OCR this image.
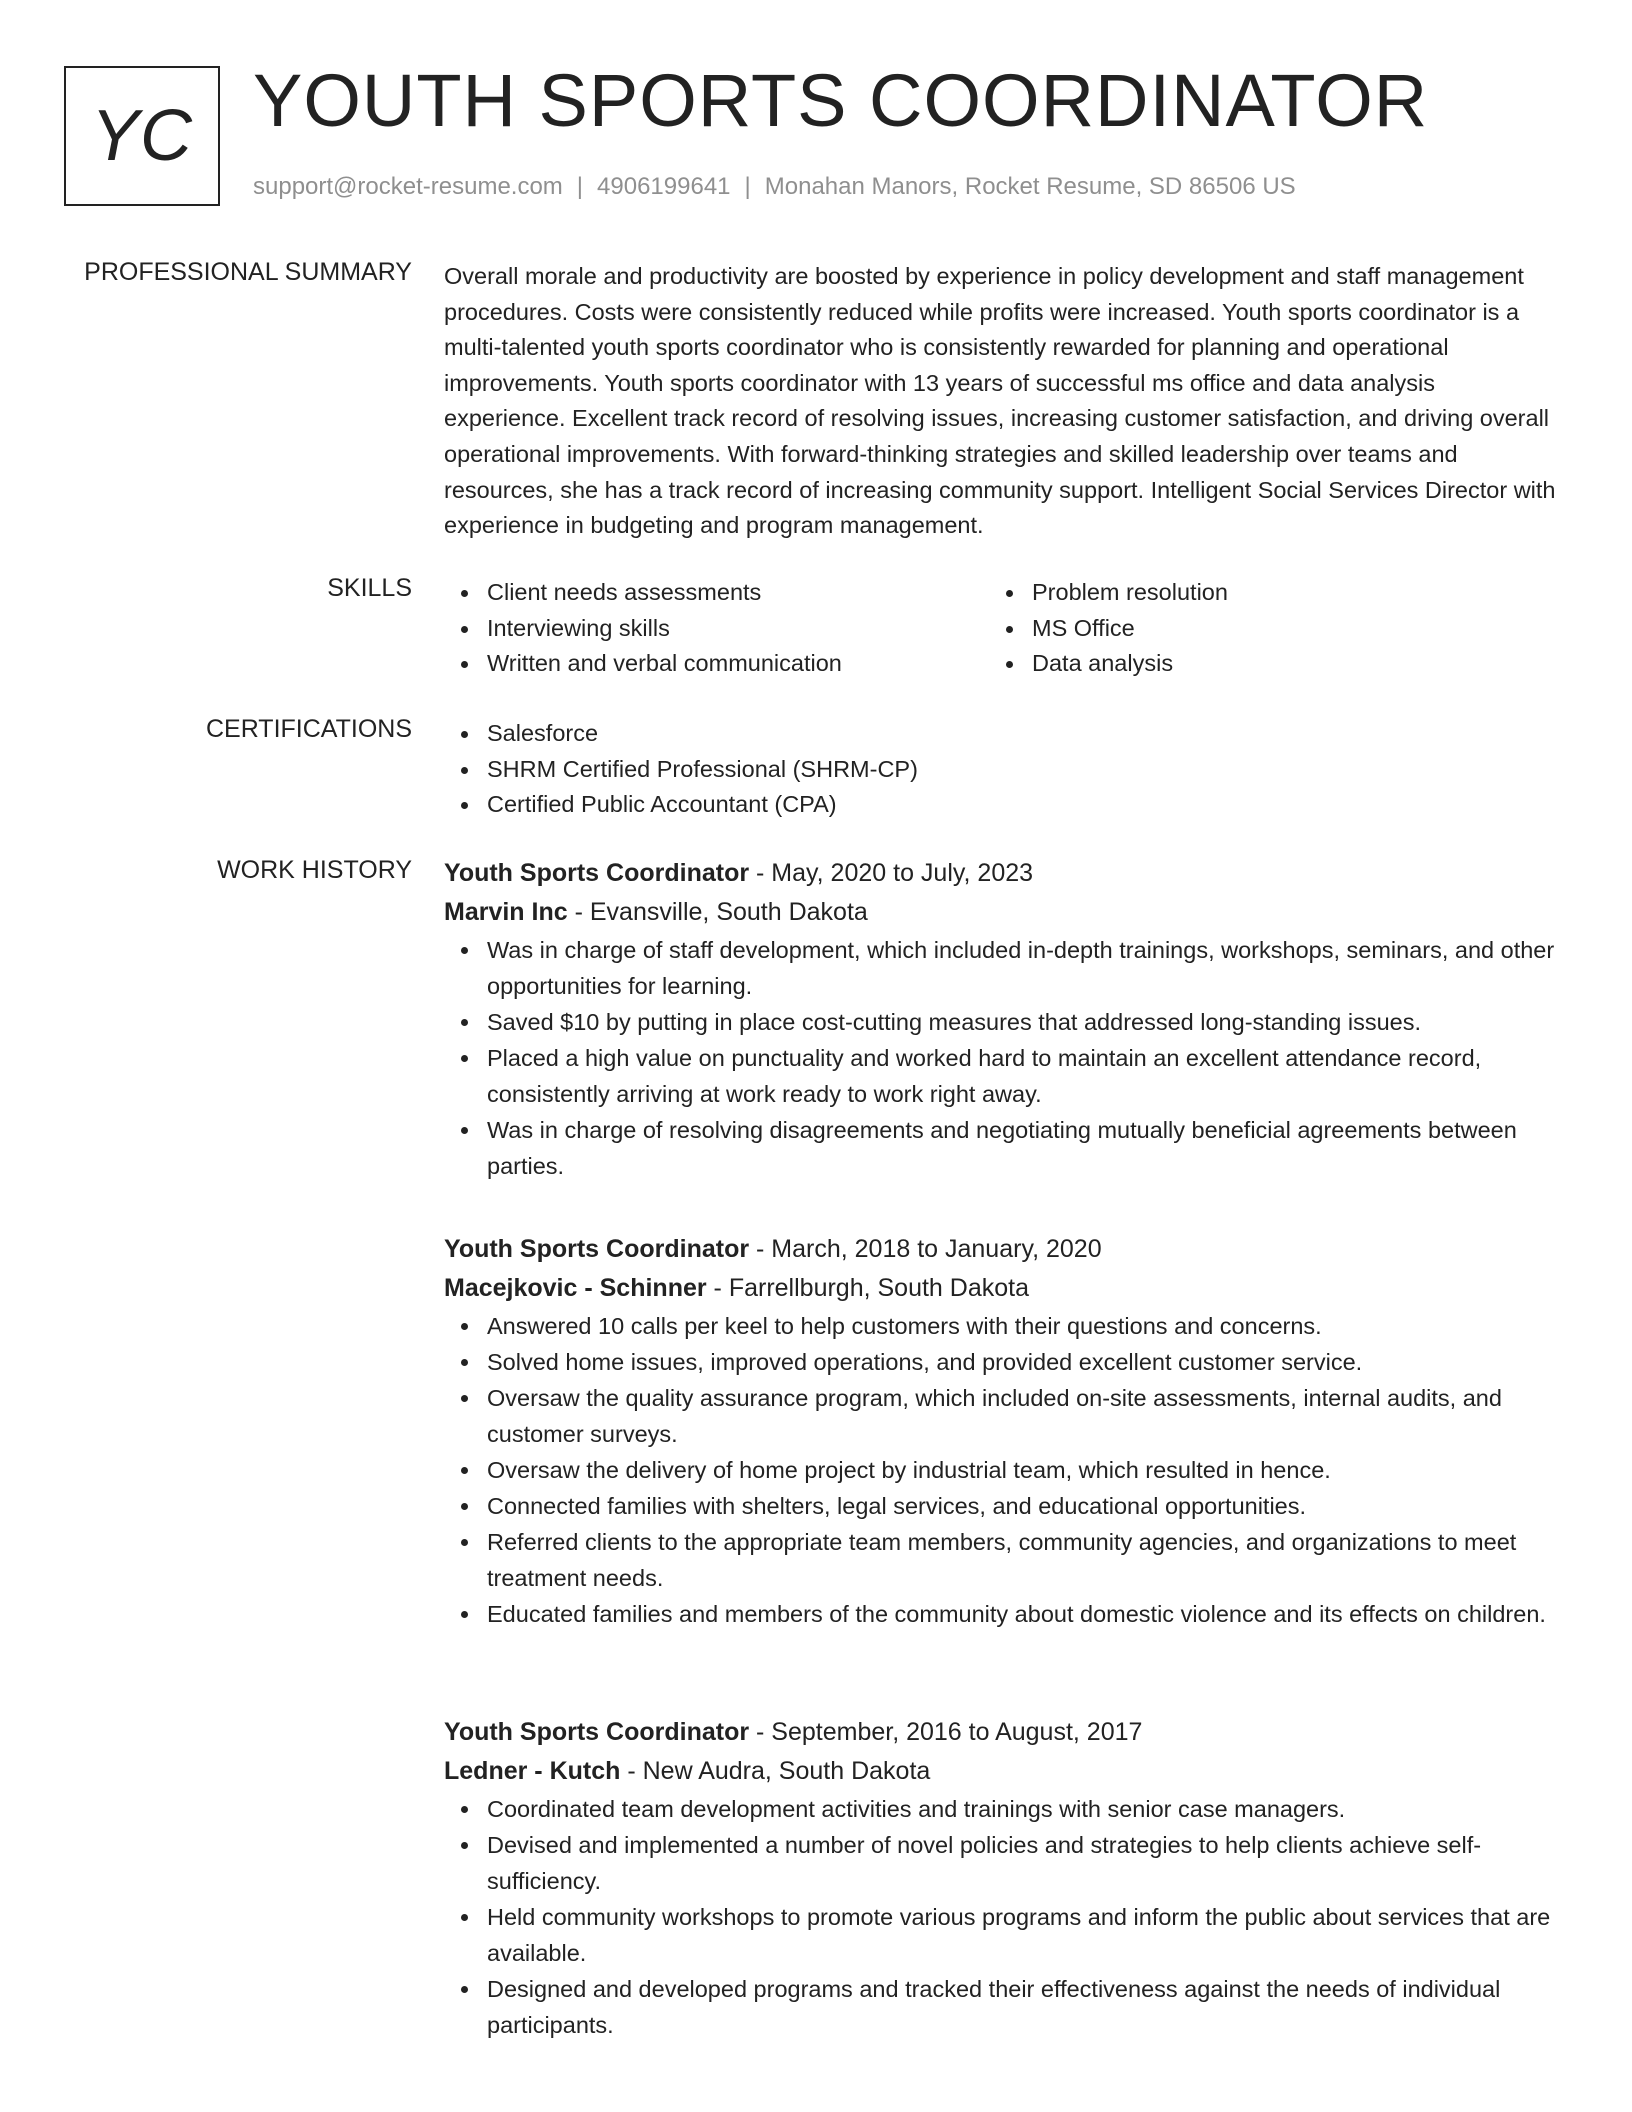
YC YOUTH SPORTS COORDINATOR
support@rocket-resume.com | 4906199641 | Monahan Manors, Rocket Resume, SD 86506 US
PROFESSIONAL SUMMARY Overall morale and productivity are boosted by experience in policy development and staff management procedures. Costs were consistently reduced while profits were increased. Youth sports coordinator is a multi-talented youth sports coordinator who is consistently rewarded for planning and operational improvements. Youth sports coordinator with 13 years of successful ms office and data analysis experience. Excellent track record of resolving issues, increasing customer satisfaction, and driving overall operational improvements. With forward-thinking strategies and skilled leadership over teams and resources, she has a track record of increasing community support. Intelligent Social Services Director with experience in budgeting and program management.
SKILLS	Client needs assessments
Interviewing skills
Written and verbal communication
Problem resolution
MS Office
Data analysis
CERTIFICATIONS	Salesforce
SHRM Certified Professional (SHRM-CP)
Certified Public Accountant (CPA)
WORK HISTORY Youth Sports Coordinator - May, 2020 to July, 2023
Marvin Inc - Evansville, South Dakota
Was in charge of staff development, which included in-depth trainings, workshops, seminars, and other opportunities for learning.
Saved $10 by putting in place cost-cutting measures that addressed long-standing issues.
Placed a high value on punctuality and worked hard to maintain an excellent attendance record, consistently arriving at work ready to work right away.
Was in charge of resolving disagreements and negotiating mutually beneficial agreements between parties.
Youth Sports Coordinator - March, 2018 to January, 2020
Macejkovic - Schinner - Farrellburgh, South Dakota
Answered 10 calls per keel to help customers with their questions and concerns.
Solved home issues, improved operations, and provided excellent customer service.
Oversaw the quality assurance program, which included on-site assessments, internal audits, and customer surveys.
Oversaw the delivery of home project by industrial team, which resulted in hence.
Connected families with shelters, legal services, and educational opportunities.
Referred clients to the appropriate team members, community agencies, and organizations to meet treatment needs.
Educated families and members of the community about domestic violence and its effects on children.
Youth Sports Coordinator - September, 2016 to August, 2017
Ledner - Kutch - New Audra, South Dakota
Coordinated team development activities and trainings with senior case managers.
Devised and implemented a number of novel policies and strategies to help clients achieve self-sufficiency.
Held community workshops to promote various programs and inform the public about services that are available.
Designed and developed programs and tracked their effectiveness against the needs of individual participants.
